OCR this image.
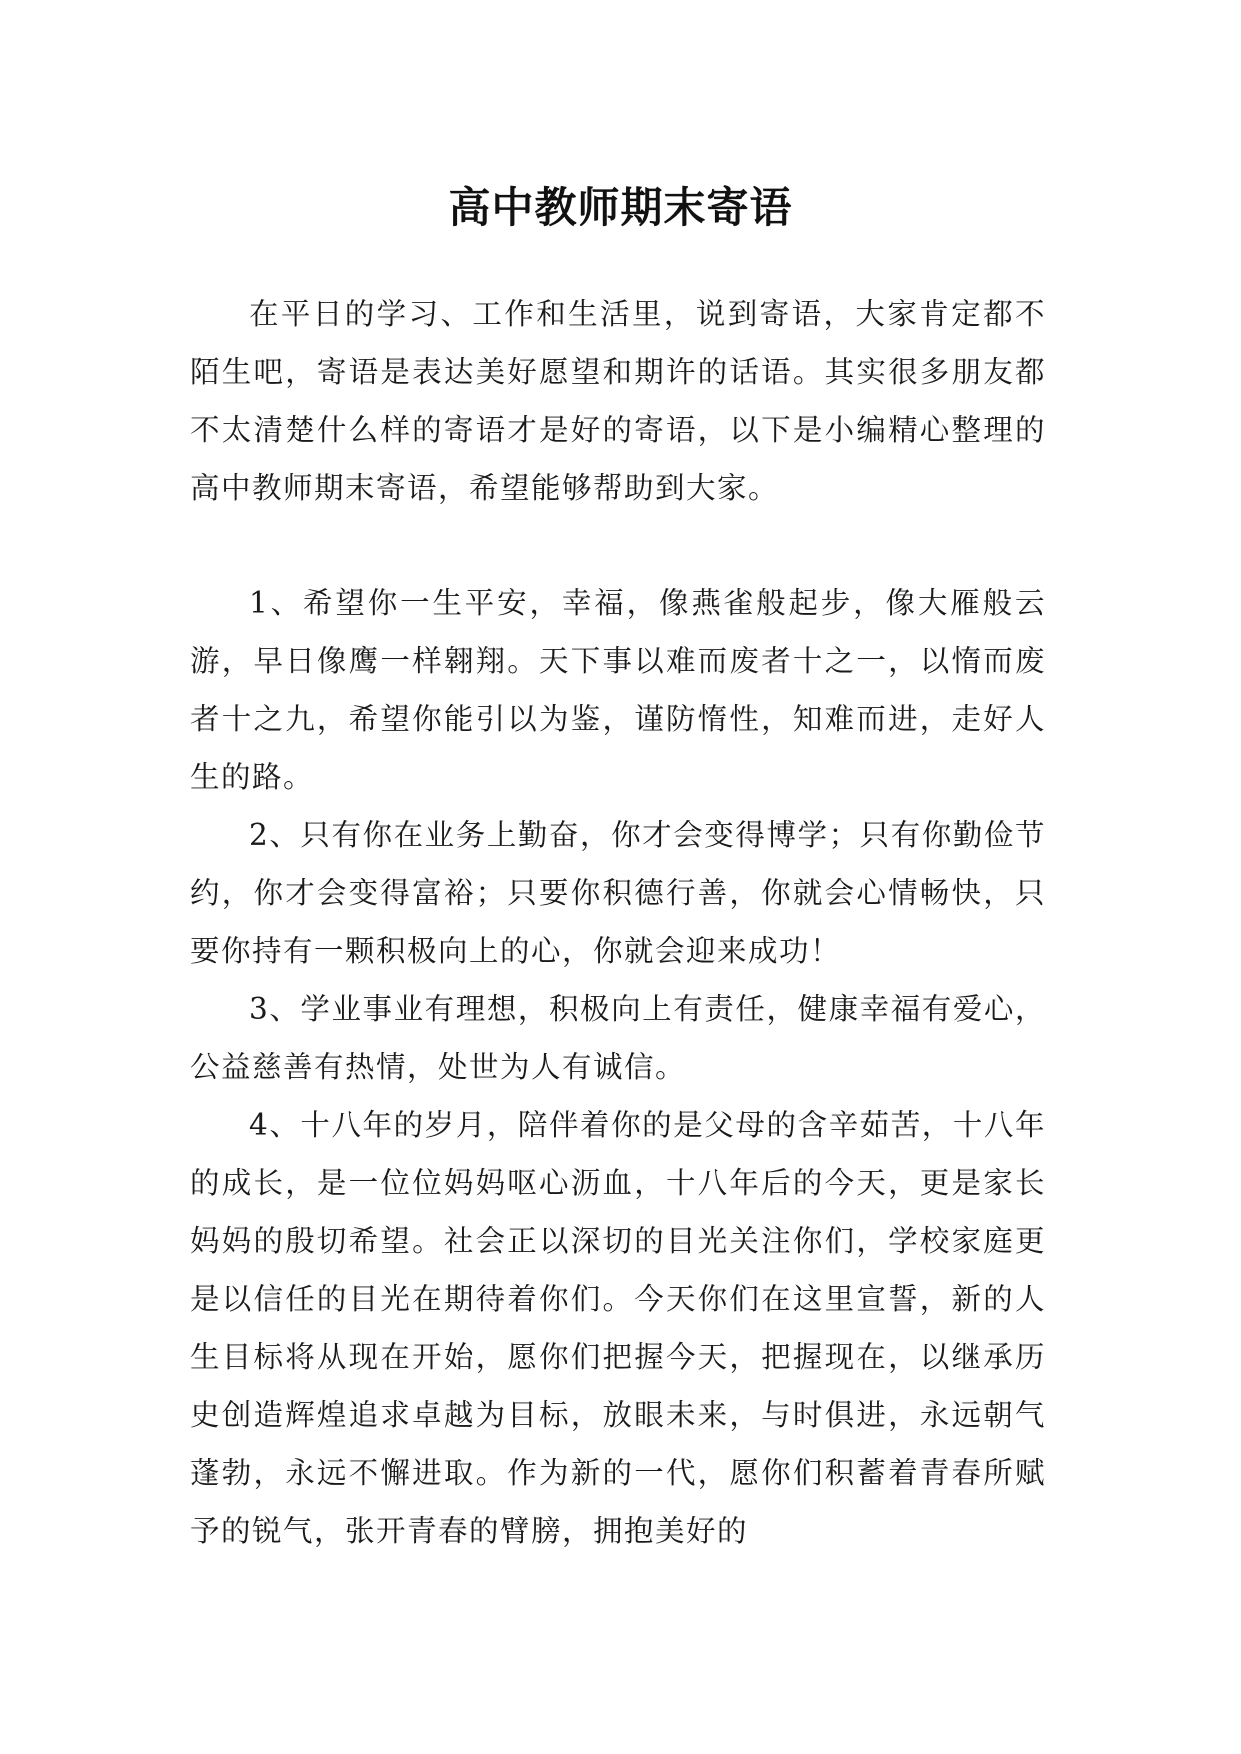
高中教师期末寄语

在平日的学习、工作和生活里，说到寄语，大家肯定都不陌生吧，寄语是表达美好愿望和期许的话语。其实很多朋友都不太清楚什么样的寄语才是好的寄语，以下是小编精心整理的高中教师期末寄语，希望能够帮助到大家。

1、希望你一生平安，幸福，像燕雀般起步，像大雁般云游，早日像鹰一样翱翔。天下事以难而废者十之一，以惰而废者十之九，希望你能引以为鉴，谨防惰性，知难而进，走好人生的路。

2、只有你在业务上勤奋，你才会变得博学；只有你勤俭节约，你才会变得富裕；只要你积德行善，你就会心情畅快，只要你持有一颗积极向上的心，你就会迎来成功！

3、学业事业有理想，积极向上有责任，健康幸福有爱心，公益慈善有热情，处世为人有诚信。

4、十八年的岁月，陪伴着你的是父母的含辛茹苦，十八年的成长，是一位位妈妈呕心沥血，十八年后的今天，更是家长妈妈的殷切希望。社会正以深切的目光关注你们，学校家庭更是以信任的目光在期待着你们。今天你们在这里宣誓，新的人生目标将从现在开始，愿你们把握今天，把握现在，以继承历史创造辉煌追求卓越为目标，放眼未来，与时俱进，永远朝气蓬勃，永远不懈进取。作为新的一代，愿你们积蓄着青春所赋予的锐气，张开青春的臂膀，拥抱美好的
